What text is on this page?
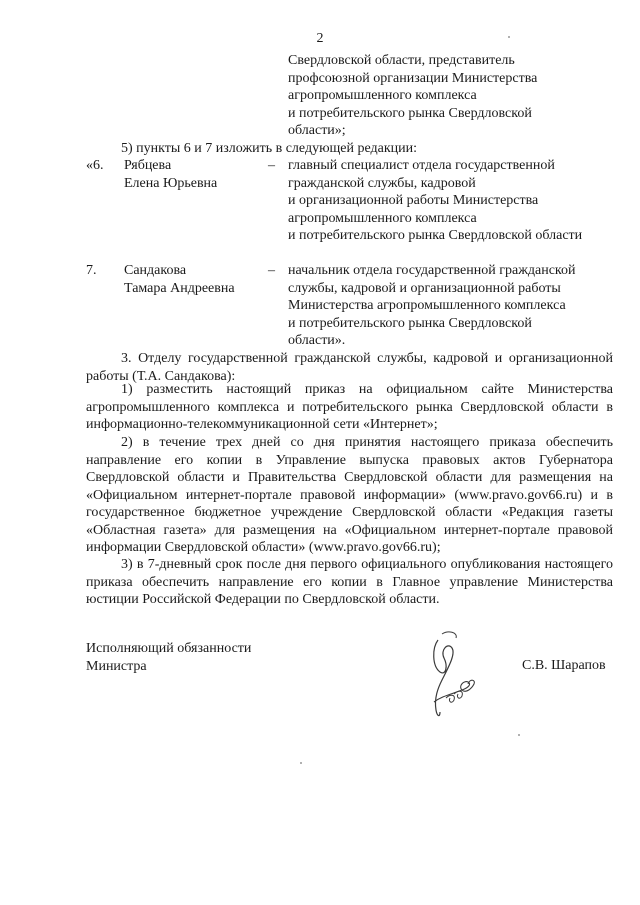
2
Свердловской области, представитель
профсоюзной организации Министерства
агропромышленного комплекса
и потребительского рынка Свердловской
области»;
5) пункты 6 и 7 изложить в следующей редакции:
«6. Рябцева
Елена Юрьевна
– главный специалист отдела государственной
гражданской службы, кадровой
и организационной работы Министерства
агропромышленного комплекса
и потребительского рынка Свердловской области
7. Сандакова
Тамара Андреевна
– начальник отдела государственной гражданской
службы, кадровой и организационной работы
Министерства агропромышленного комплекса
и потребительского рынка Свердловской
области».
3. Отделу государственной гражданской службы, кадровой и организационной работы (Т.А. Сандакова):
1) разместить настоящий приказ на официальном сайте Министерства агропромышленного комплекса и потребительского рынка Свердловской области в информационно-телекоммуникационной сети «Интернет»;
2) в течение трех дней со дня принятия настоящего приказа обеспечить направление его копии в Управление выпуска правовых актов Губернатора Свердловской области и Правительства Свердловской области для размещения на «Официальном интернет-портале правовой информации» (www.pravo.gov66.ru) и в государственное бюджетное учреждение Свердловской области «Редакция газеты «Областная газета» для размещения на «Официальном интернет-портале правовой информации Свердловской области» (www.pravo.gov66.ru);
3) в 7-дневный срок после дня первого официального опубликования настоящего приказа обеспечить направление его копии в Главное управление Министерства юстиции Российской Федерации по Свердловской области.
Исполняющий обязанности
Министра	С.В. Шарапов
